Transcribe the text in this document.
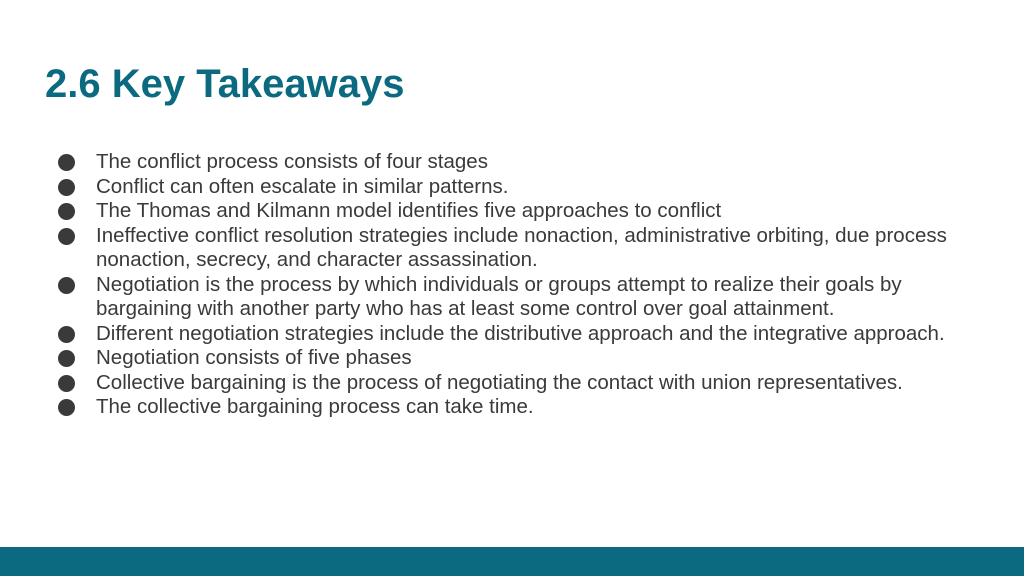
2.6 Key Takeaways
The conflict process consists of four stages
Conflict can often escalate in similar patterns.
The Thomas and Kilmann model identifies five approaches to conflict
Ineffective conflict resolution strategies include nonaction, administrative orbiting, due process nonaction, secrecy, and character assassination.
Negotiation is the process by which individuals or groups attempt to realize their goals by bargaining with another party who has at least some control over goal attainment.
Different negotiation strategies include the distributive approach and the integrative approach.
Negotiation consists of five phases
Collective bargaining is the process of negotiating the contact with union representatives.
The collective bargaining process can take time.
